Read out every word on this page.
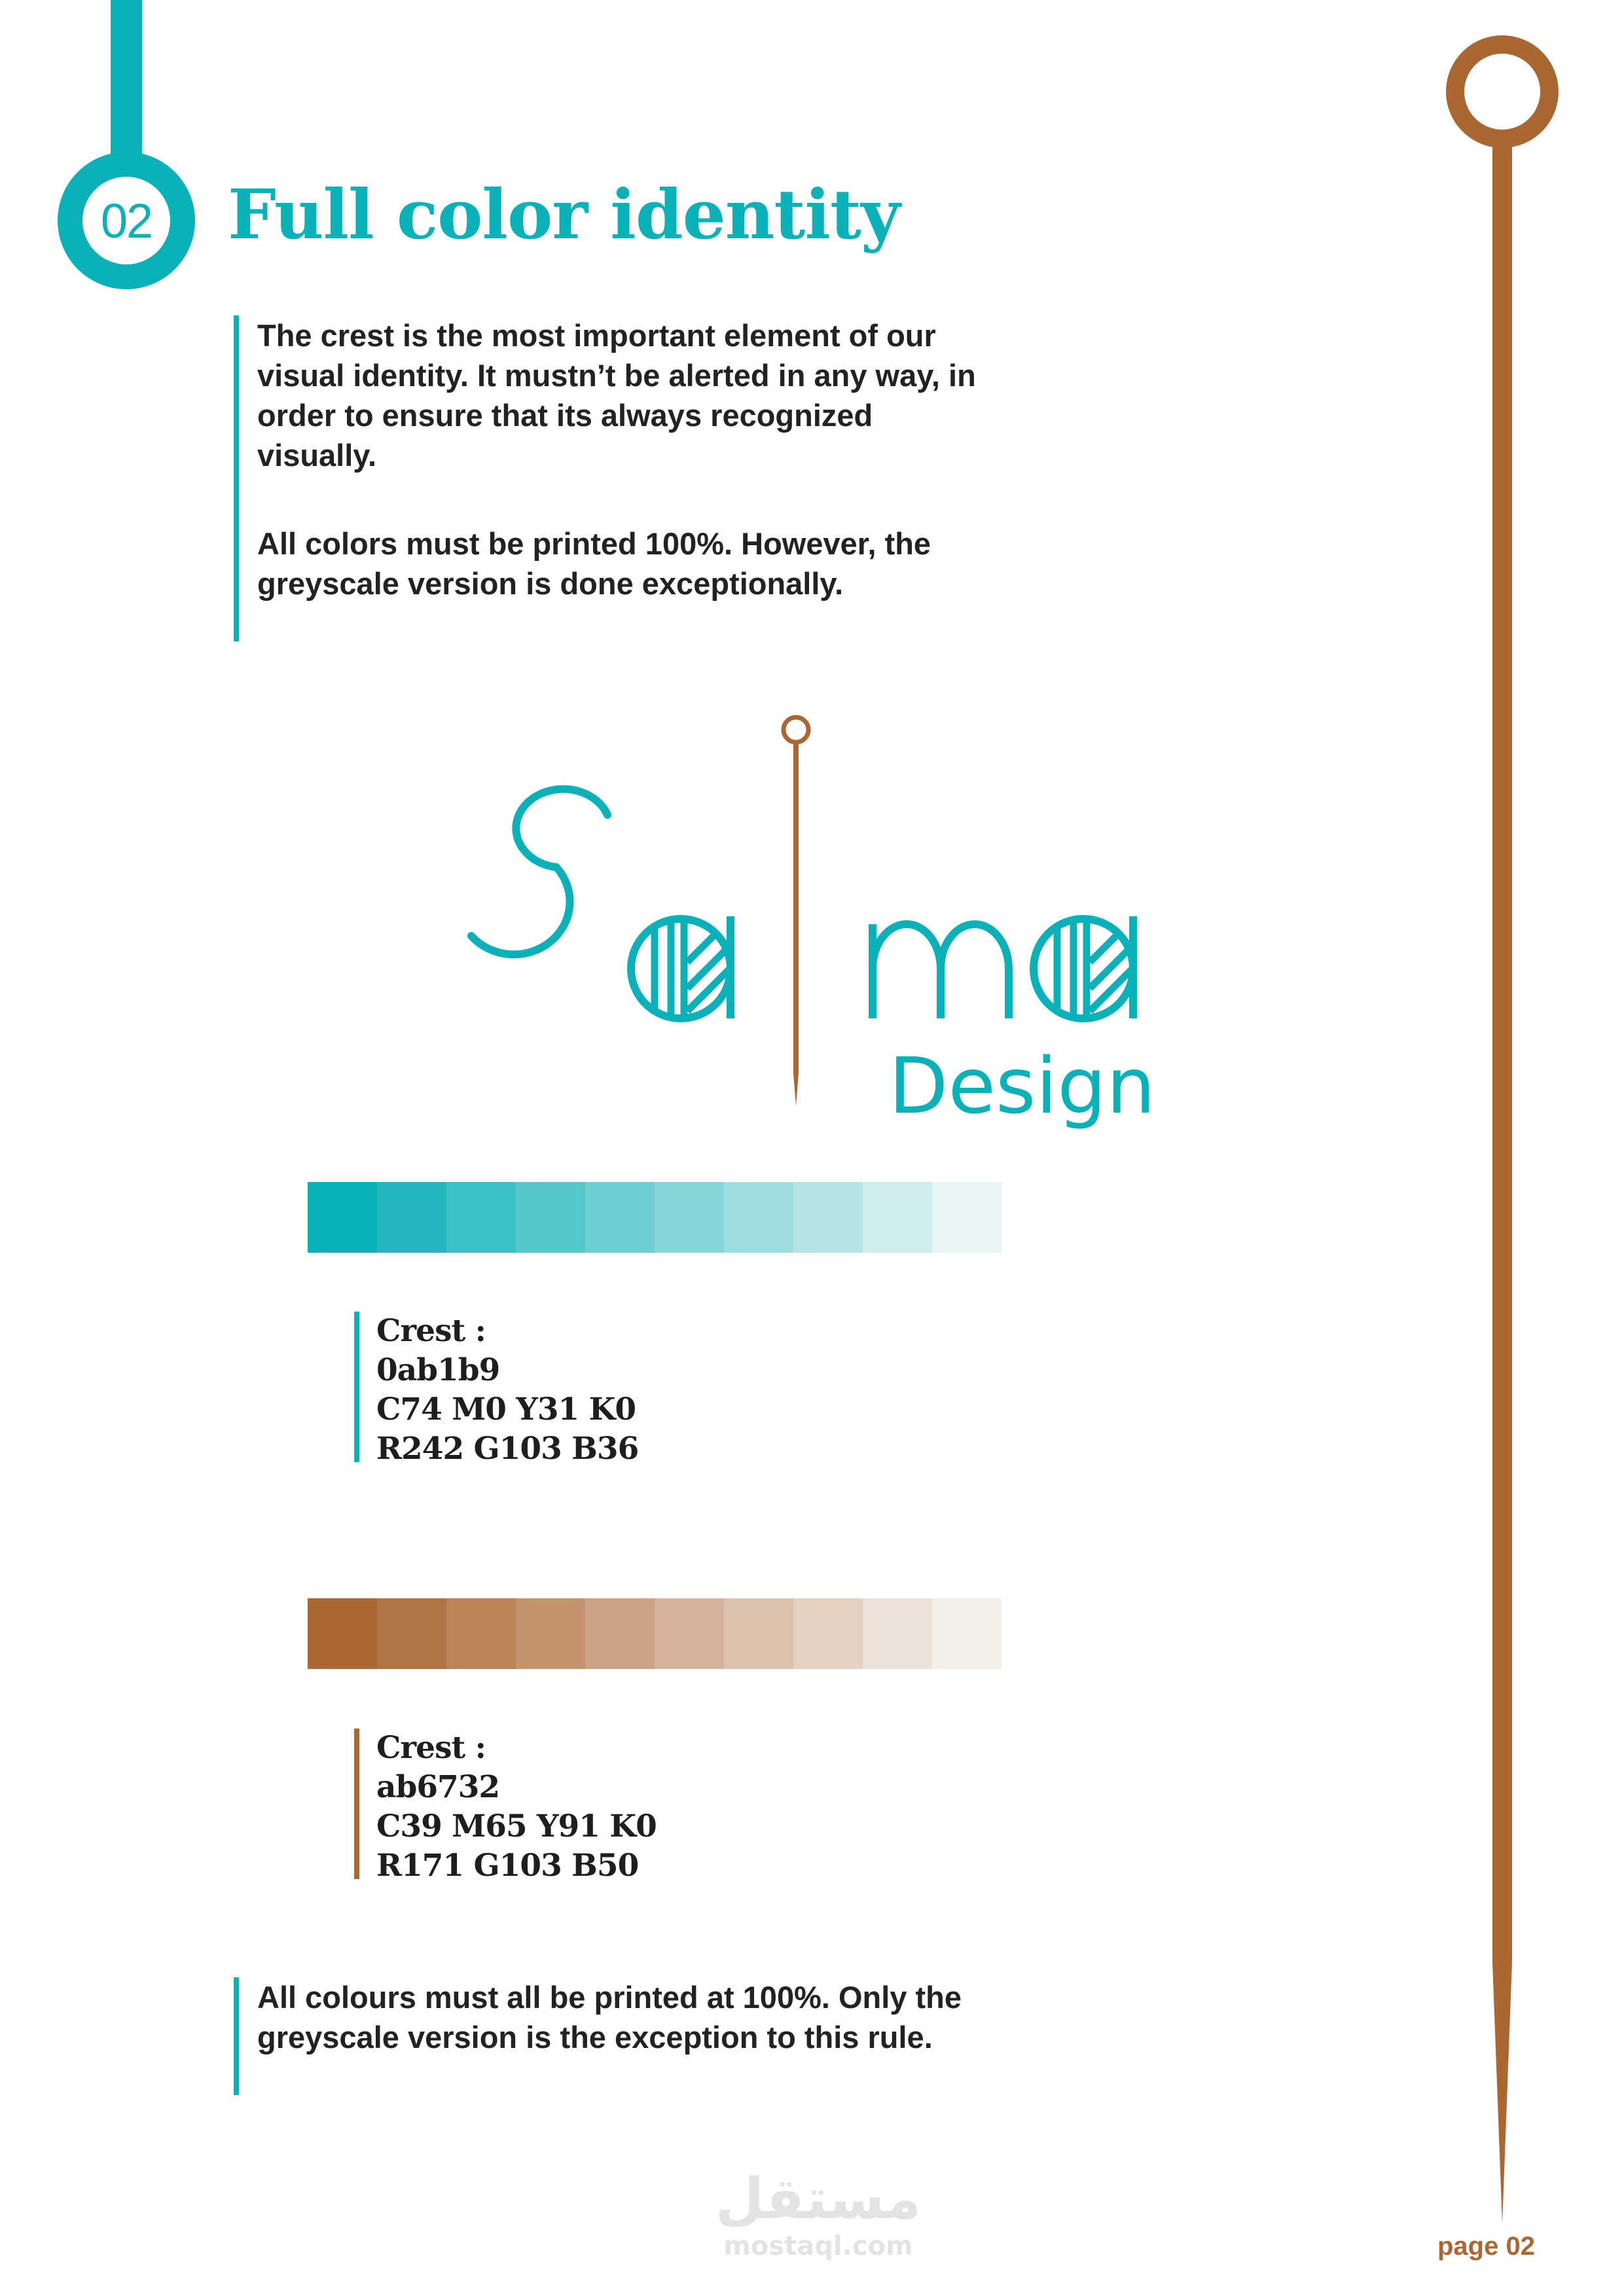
02 Full color identity

The crest is the most important element of our visual identity. It mustn’t be alerted in any way, in order to ensure that its always recognized visually.

All colors must be printed 100%. However, the greyscale version is done exceptionally.

Design
Crest :
0ab1b9
C74 M0 Y31 K0
R242 G103 B36
Crest :
ab6732
C39 M65 Y91 K0
R171 G103 B50

All colours must all be printed at 100%. Only the greyscale version is the exception to this rule.

مستقل
mostaql.com	page 02
